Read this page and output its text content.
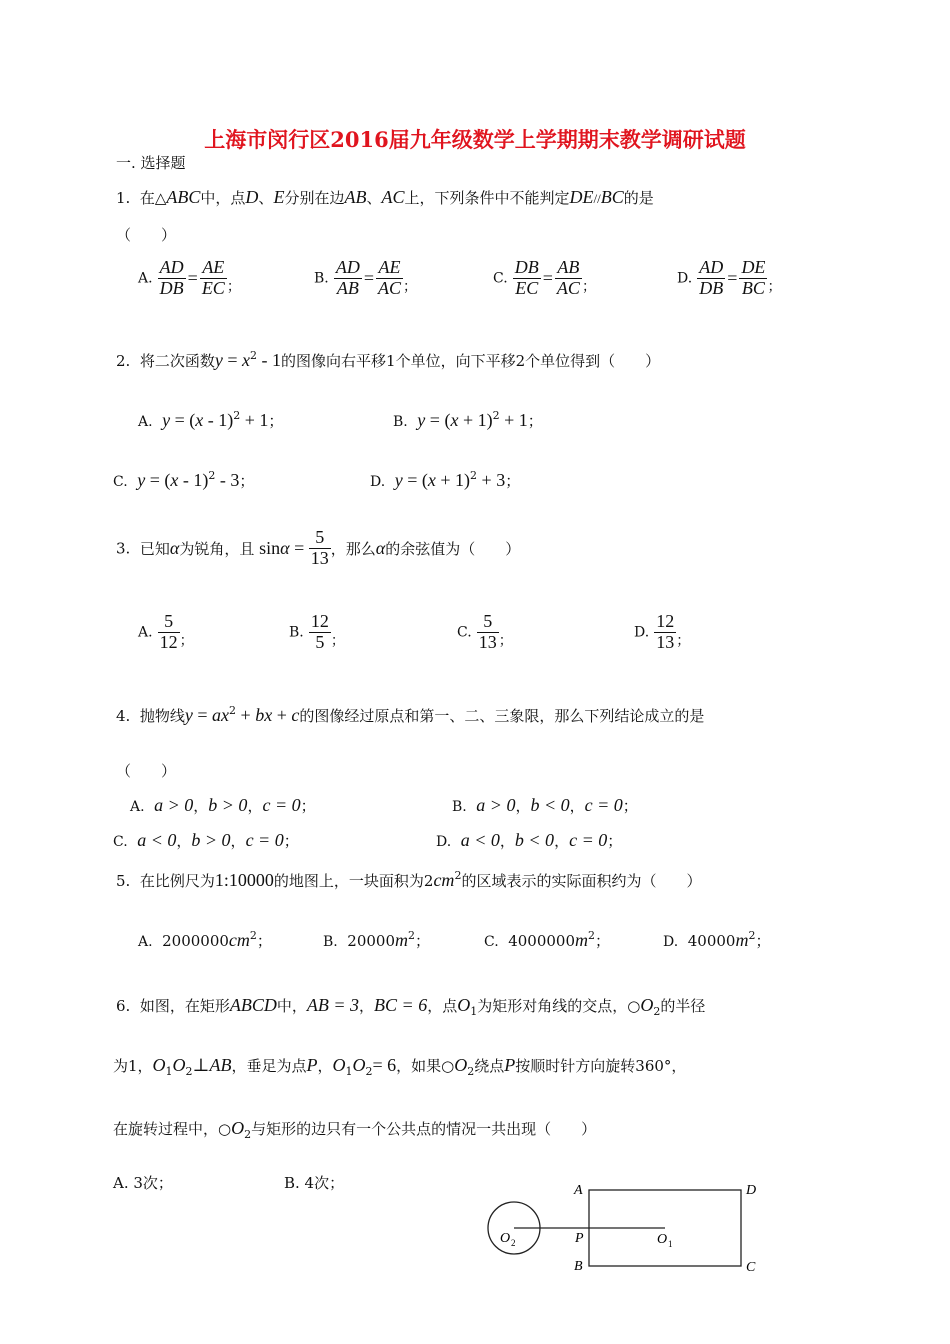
上海市闵行区2016届九年级数学上学期期末教学调研试题
一. 选择题
1. 在△ABC中，点D、E分别在边AB、AC上，下列条件中不能判定DE//BC的是
（　　）
A. $\frac{AD}{DB} = \frac{AE}{EC}$ ；
B. $\frac{AD}{AB} = \frac{AE}{AC}$ ；
C. $\frac{DB}{EC} = \frac{AB}{AC}$ ；
D. $\frac{AD}{DB} = \frac{DE}{BC}$ ；
2. 将二次函数$y = x^2 - 1$的图像向右平移1个单位，向下平移2个单位得到（　　）
A. y = (x - 1)$^2$ + 1；	B. $y = (x + 1)^2 + 1$；
C. y = (x - 1)$^2$ - 3；	D. $y = (x + 1)^2 + 3$；
3. 已知α为锐角，且 $\sin\alpha = \frac{5}{13}$ ，那么α的余弦值为（　　）
A. $\frac{5}{12}$ ；
B. $\frac{12}{5}$ ；
C. $\frac{5}{13}$ ；
D. $\frac{12}{13}$ ；
4. 抛物线$y = ax^2$ + bx + c的图像经过原点和第一、二、三象限，那么下列结论成立的是
（　　）
A. a > 0，b > 0，c = 0；	B. a > 0，b < 0，c = 0；
C. a < 0，b > 0，c = 0；	D. a < 0，b < 0，c = 0；
5. 在比例尺为1:10000的地图上，一块面积为$2cm^2$的区域表示的实际面积约为（　　）
A. $2000000cm^2$；	B. $20000m^2$；	C. $4000000m^2$；	D. $40000m^2$；
6. 如图，在矩形ABCD中，AB = 3，BC = 6，点$O_1$为矩形对角线的交点，$○O_2$的半径
为1，$O_1O_2\perp AB$，垂足为点P，$O_1O_2= 6$，如果$○O_2$绕点P按顺时针方向旋转360°，
在旋转过程中，$○O_2$与矩形的边只有一个公共点的情况一共出现（　　）
A. 3次；	B. 4次；	A	D
B	C
P	O 1
O 2
